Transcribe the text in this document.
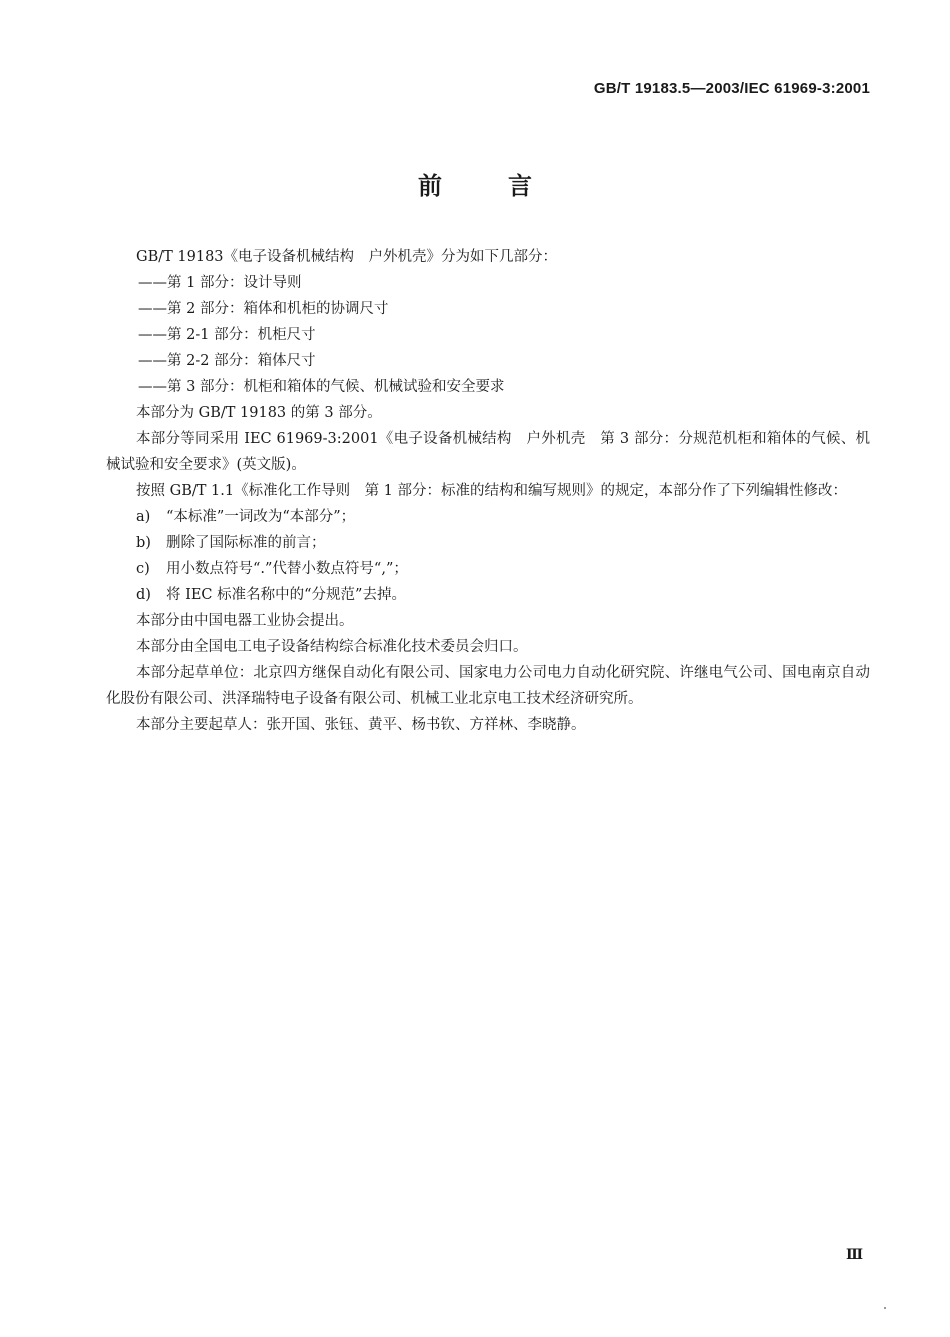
GB/T 19183.5—2003/IEC 61969-3:2001
前	言

GB/T 19183《电子设备机械结构　户外机壳》分为如下几部分：

——第 1 部分：设计导则

——第 2 部分：箱体和机柜的协调尺寸

——第 2-1 部分：机柜尺寸

——第 2-2 部分：箱体尺寸

——第 3 部分：机柜和箱体的气候、机械试验和安全要求

本部分为 GB/T 19183 的第 3 部分。

本部分等同采用 IEC 61969-3:2001《电子设备机械结构　户外机壳　第 3 部分：分规范机柜和箱体的气候、机械试验和安全要求》(英文版)。

按照 GB/T 1.1《标准化工作导则　第 1 部分：标准的结构和编写规则》的规定，本部分作了下列编辑性修改：

a) “本标准”一词改为“本部分”；

b) 删除了国际标准的前言；

c) 用小数点符号“.”代替小数点符号“,”；

d) 将 IEC 标准名称中的“分规范”去掉。

本部分由中国电器工业协会提出。

本部分由全国电工电子设备结构综合标准化技术委员会归口。

本部分起草单位：北京四方继保自动化有限公司、国家电力公司电力自动化研究院、许继电气公司、国电南京自动化股份有限公司、洪泽瑞特电子设备有限公司、机械工业北京电工技术经济研究所。

本部分主要起草人：张开国、张钰、黄平、杨书钦、方祥林、李晓静。

Ⅲ
